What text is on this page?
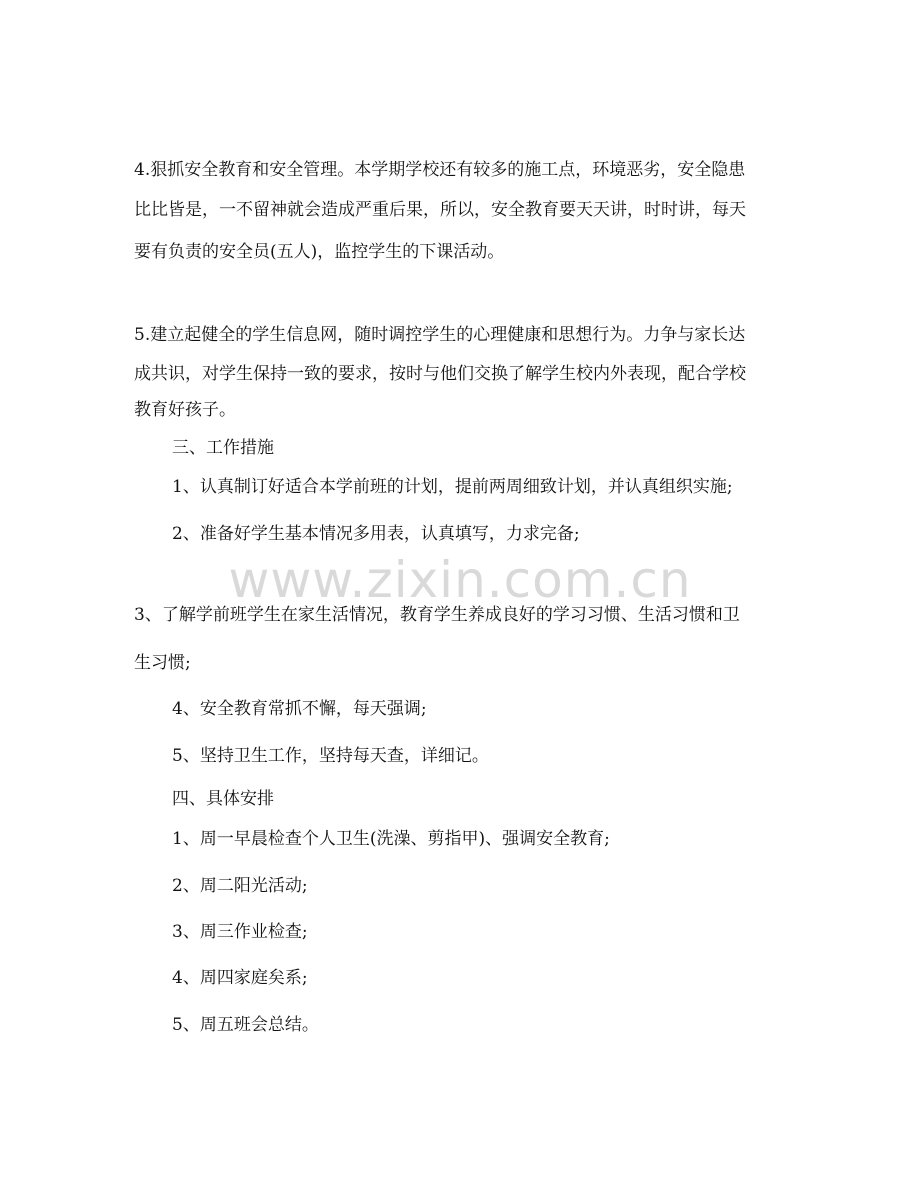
4.狠抓安全教育和安全管理。本学期学校还有较多的施工点，环境恶劣，安全隐患
比比皆是，一不留神就会造成严重后果，所以，安全教育要天天讲，时时讲，每天
要有负责的安全员(五人)，监控学生的下课活动。
5.建立起健全的学生信息网，随时调控学生的心理健康和思想行为。力争与家长达
成共识，对学生保持一致的要求，按时与他们交换了解学生校内外表现，配合学校
教育好孩子。
三、工作措施
1、认真制订好适合本学前班的计划，提前两周细致计划，并认真组织实施;
2、准备好学生基本情况多用表，认真填写，力求完备;
3、了解学前班学生在家生活情况，教育学生养成良好的学习习惯、生活习惯和卫
生习惯;
4、安全教育常抓不懈，每天强调;
5、坚持卫生工作，坚持每天查，详细记。
四、具体安排
1、周一早晨检查个人卫生(洗澡、剪指甲)、强调安全教育;
2、周二阳光活动;
3、周三作业检查;
4、周四家庭矣系;
5、周五班会总结。
www.zixin.com.cn
